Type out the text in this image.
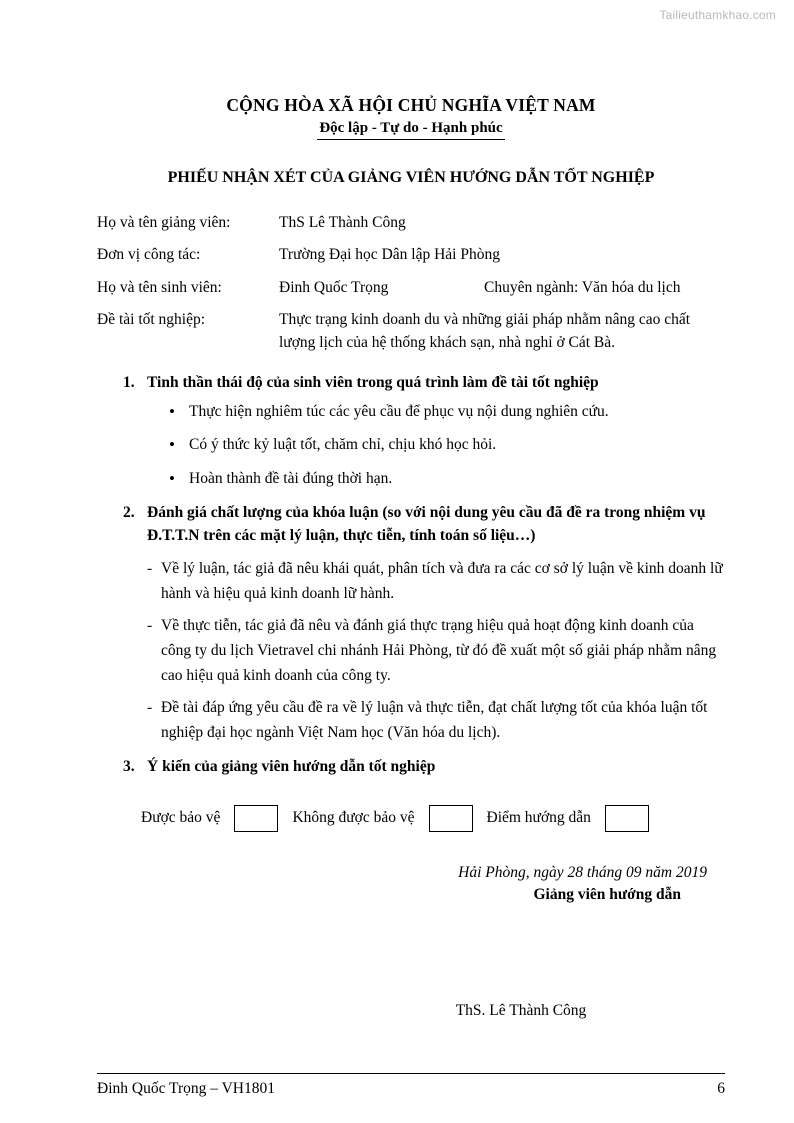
Tailieuthamkhao.com
CỘNG HÒA XÃ HỘI CHỦ NGHĨA VIỆT NAM
Độc lập - Tự do - Hạnh phúc
PHIẾU NHẬN XÉT CỦA GIẢNG VIÊN HƯỚNG DẪN TỐT NGHIỆP
Họ và tên giảng viên:	ThS Lê Thành Công
Đơn vị công tác:	Trường Đại học Dân lập Hải Phòng
Họ và tên sinh viên:	Đinh Quốc Trọng Chuyên ngành: Văn hóa du lịch

Đề tài tốt nghiệp:	Thực trạng kinh doanh du và những giải pháp nhằm nâng cao chất
lượng lịch của hệ thống khách sạn, nhà nghỉ ở Cát Bà.
1. Tinh thần thái độ của sinh viên trong quá trình làm đề tài tốt nghiệp
• Thực hiện nghiêm túc các yêu cầu để phục vụ nội dung nghiên cứu.
• Có ý thức kỷ luật tốt, chăm chỉ, chịu khó học hỏi.
• Hoàn thành đề tài đúng thời hạn.
2. Đánh giá chất lượng của khóa luận (so với nội dung yêu cầu đã đề ra trong nhiệm vụ Đ.T.T.N trên các mặt lý luận, thực tiễn, tính toán số liệu…)
- Về lý luận, tác giả đã nêu khái quát, phân tích và đưa ra các cơ sở lý luận về kinh doanh lữ hành và hiệu quả kinh doanh lữ hành.
- Về thực tiễn, tác giả đã nêu và đánh giá thực trạng hiệu quả hoạt động kinh doanh của công ty du lịch Vietravel chi nhánh Hải Phòng, từ đó đề xuất một số giải pháp nhằm nâng cao hiệu quả kinh doanh của công ty.
- Đề tài đáp ứng yêu cầu đề ra về lý luận và thực tiễn, đạt chất lượng tốt của khóa luận tốt nghiệp đại học ngành Việt Nam học (Văn hóa du lịch).
3. Ý kiến của giảng viên hướng dẫn tốt nghiệp
Được bảo vệ	Không được bảo vệ	Điểm hướng dẫn
Hải Phòng, ngày 28 tháng 09 năm 2019
Giảng viên hướng dẫn
ThS. Lê Thành Công
Đinh Quốc Trọng – VH1801	6
